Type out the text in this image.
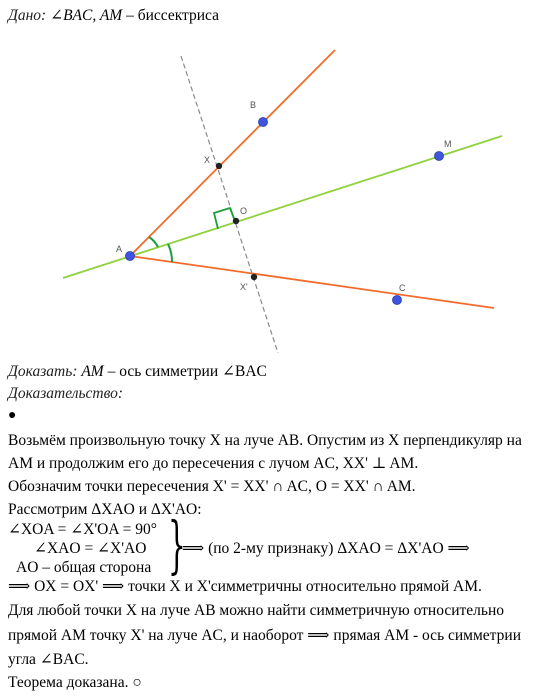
Дано: ∠BAC, AM – биссектриса
A
B
M
C
X
O
X'
Доказать: AM – ось симметрии ∠BAC
Доказательство:
●
Возьмём произвольную точку X на луче AB. Опустим из X перпендикуляр на
AM и продолжим его до пересечения с лучом AC, XX' ⊥ AM.
Обозначим точки пересечения X' = XX' ∩ AC, O = XX' ∩ AM.
Рассмотрим ΔXAO и ΔX'AO:
∠XOA = ∠X'OA = 90°
∠XAO = ∠X'AO
AO – общая сторона }
⟹ (по 2-му признаку) ΔXAO = ΔX'AO ⟹
⟹ OX = OX' ⟹ точки X и X'симметричны относительно прямой AM.
Для любой точки X на луче AB можно найти симметричную относительно
прямой AM точку X' на луче AC, и наоборот ⟹ прямая AM - ось симметрии
угла ∠BAC.
Теорема доказана. ○
